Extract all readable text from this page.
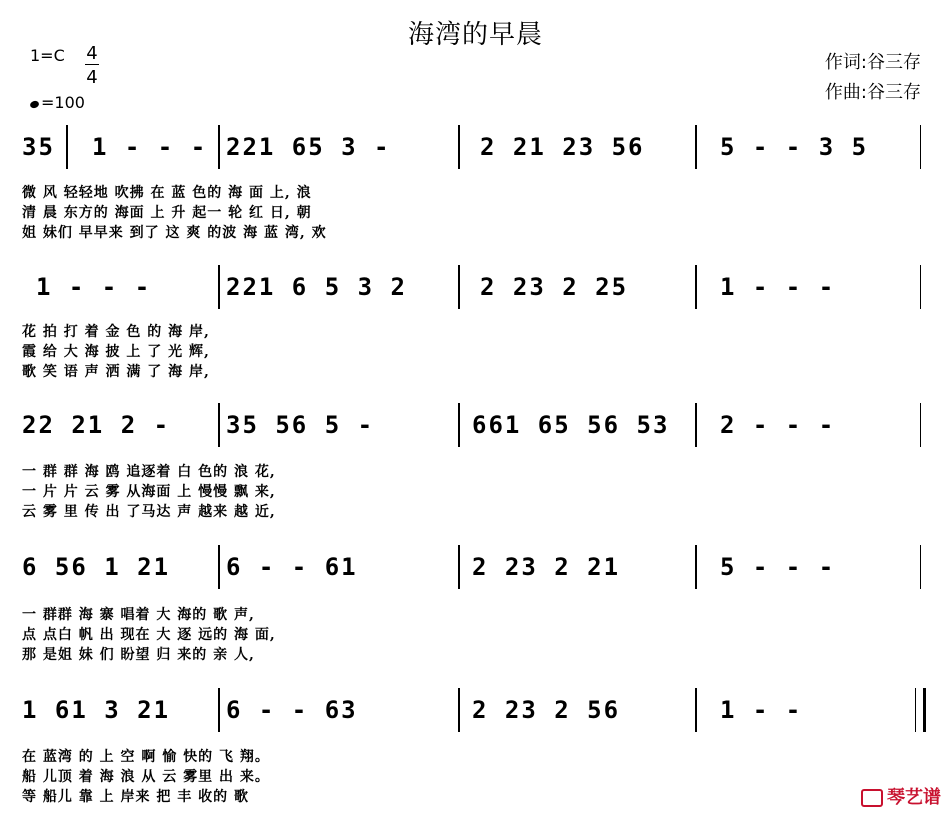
海湾的早晨
1=C 4
4
=100
作词:谷三存
作曲:谷三存
35 1 - - - 221 65 3 -	2 21 23 56	5 - - 3 5
微 风 轻轻地 吹拂 在 蓝 色的 海 面 上, 浪
清 晨 东方的 海面 上 升 起一 轮 红 日, 朝
姐 妹们 早早来 到了 这 爽 的波 海 蓝 湾, 欢
1 - - -	221 6 5 3 2	2 23 2 25	1 - - -
花 拍 打 着 金 色 的 海 岸,
霞 给 大 海 披 上 了 光 辉,
歌 笑 语 声 洒 满 了 海 岸,
22 21 2 - 35 56 5 -	661 65 56 53 2 - - -
一 群 群 海 鸥 追逐着 白 色的 浪 花,
一 片 片 云 雾 从海面 上 慢慢 飘 来,
云 雾 里 传 出 了马达 声 越来 越 近,
6 56 1 21 6 - - 61	2 23 2 21	5 - - -
一 群群 海 寨 唱着 大 海的 歌 声,
点 点白 帆 出 现在 大 逐 远的 海 面,
那 是姐 妹 们 盼望 归 来的 亲 人,
1 61 3 21 6 - - 63	2 23 2 56	1 - -
在 蓝湾 的 上 空 啊 愉 快的 飞 翔。
船 儿顶 着 海 浪 从 云 雾里 出 来。
等 船儿 靠 上 岸来 把 丰 收的 歌	琴艺谱
